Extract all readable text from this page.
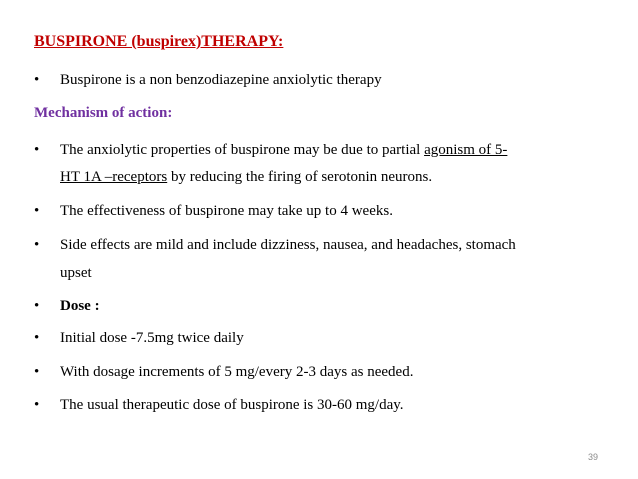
BUSPIRONE (buspirex)THERAPY:
• Buspirone is a non benzodiazepine anxiolytic therapy
Mechanism of action:
• The anxiolytic properties of buspirone may be due to partial agonism of 5-
HT 1A –receptors by reducing the firing of serotonin neurons.
• The effectiveness of buspirone may take up to 4 weeks.
• Side effects are mild and include dizziness, nausea, and headaches, stomach
upset
• Dose :
• Initial dose -7.5mg twice daily
• With dosage increments of 5 mg/every 2-3 days as needed.
• The usual therapeutic dose of buspirone is 30-60 mg/day.
39
